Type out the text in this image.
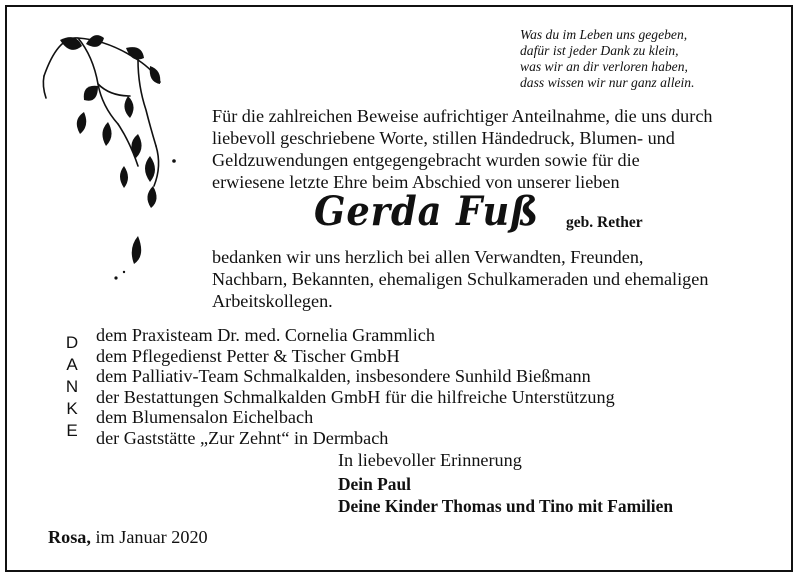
Was du im Leben uns gegeben,
dafür ist jeder Dank zu klein,
was wir an dir verloren haben,
dass wissen wir nur ganz allein.
Für die zahlreichen Beweise aufrichtiger Anteilnahme, die uns durch
liebevoll geschriebene Worte, stillen Händedruck, Blumen- und
Geldzuwendungen entgegengebracht wurden sowie für die
erwiesene letzte Ehre beim Abschied von unserer lieben
Gerda Fuß	geb. Rether
bedanken wir uns herzlich bei allen Verwandten, Freunden,
Nachbarn, Bekannten, ehemaligen Schulkameraden und ehemaligen
Arbeitskollegen.
D
A
N
K
E
dem Praxisteam Dr. med. Cornelia Grammlich
dem Pflegedienst Petter & Tischer GmbH
dem Palliativ-Team Schmalkalden, insbesondere Sunhild Bießmann
der Bestattungen Schmalkalden GmbH für die hilfreiche Unterstützung
dem Blumensalon Eichelbach
der Gaststätte „Zur Zehnt“ in Dermbach
In liebevoller Erinnerung
Dein Paul
Deine Kinder Thomas und Tino mit Familien
Rosa, im Januar 2020
